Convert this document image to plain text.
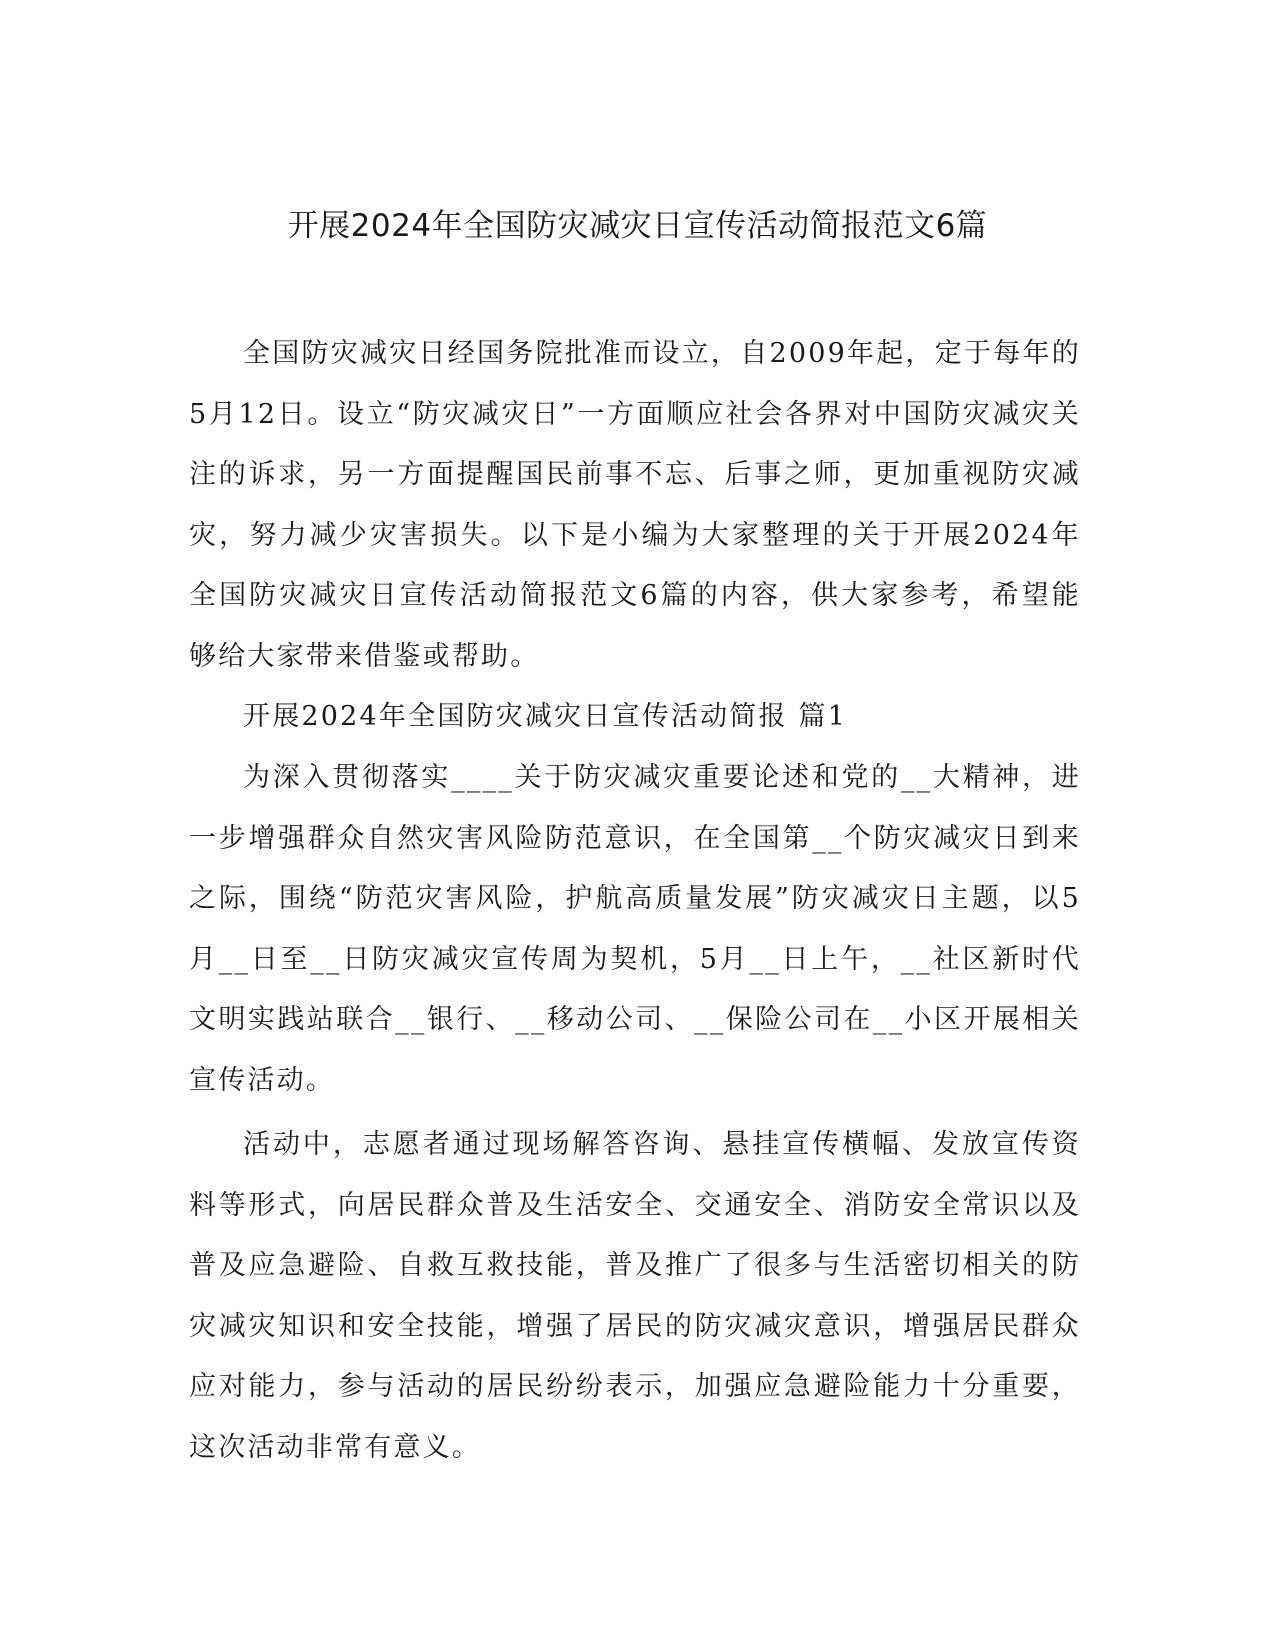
开展2024年全国防灾减灾日宣传活动简报范文6篇

全国防灾减灾日经国务院批准而设立，自2009年起，定于每年的5月12日。设立“防灾减灾日”一方面顺应社会各界对中国防灾减灾关注的诉求，另一方面提醒国民前事不忘、后事之师，更加重视防灾减灾，努力减少灾害损失。以下是小编为大家整理的关于开展2024年全国防灾减灾日宣传活动简报范文6篇的内容，供大家参考，希望能够给大家带来借鉴或帮助。

开展2024年全国防灾减灾日宣传活动简报 篇1

为深入贯彻落实____关于防灾减灾重要论述和党的__大精神，进一步增强群众自然灾害风险防范意识，在全国第__个防灾减灾日到来之际，围绕“防范灾害风险，护航高质量发展”防灾减灾日主题，以5月__日至__日防灾减灾宣传周为契机，5月__日上午，__社区新时代文明实践站联合__银行、__移动公司、__保险公司在__小区开展相关宣传活动。

活动中，志愿者通过现场解答咨询、悬挂宣传横幅、发放宣传资料等形式，向居民群众普及生活安全、交通安全、消防安全常识以及普及应急避险、自救互救技能，普及推广了很多与生活密切相关的防灾减灾知识和安全技能，增强了居民的防灾减灾意识，增强居民群众应对能力，参与活动的居民纷纷表示，加强应急避险能力十分重要，这次活动非常有意义。
